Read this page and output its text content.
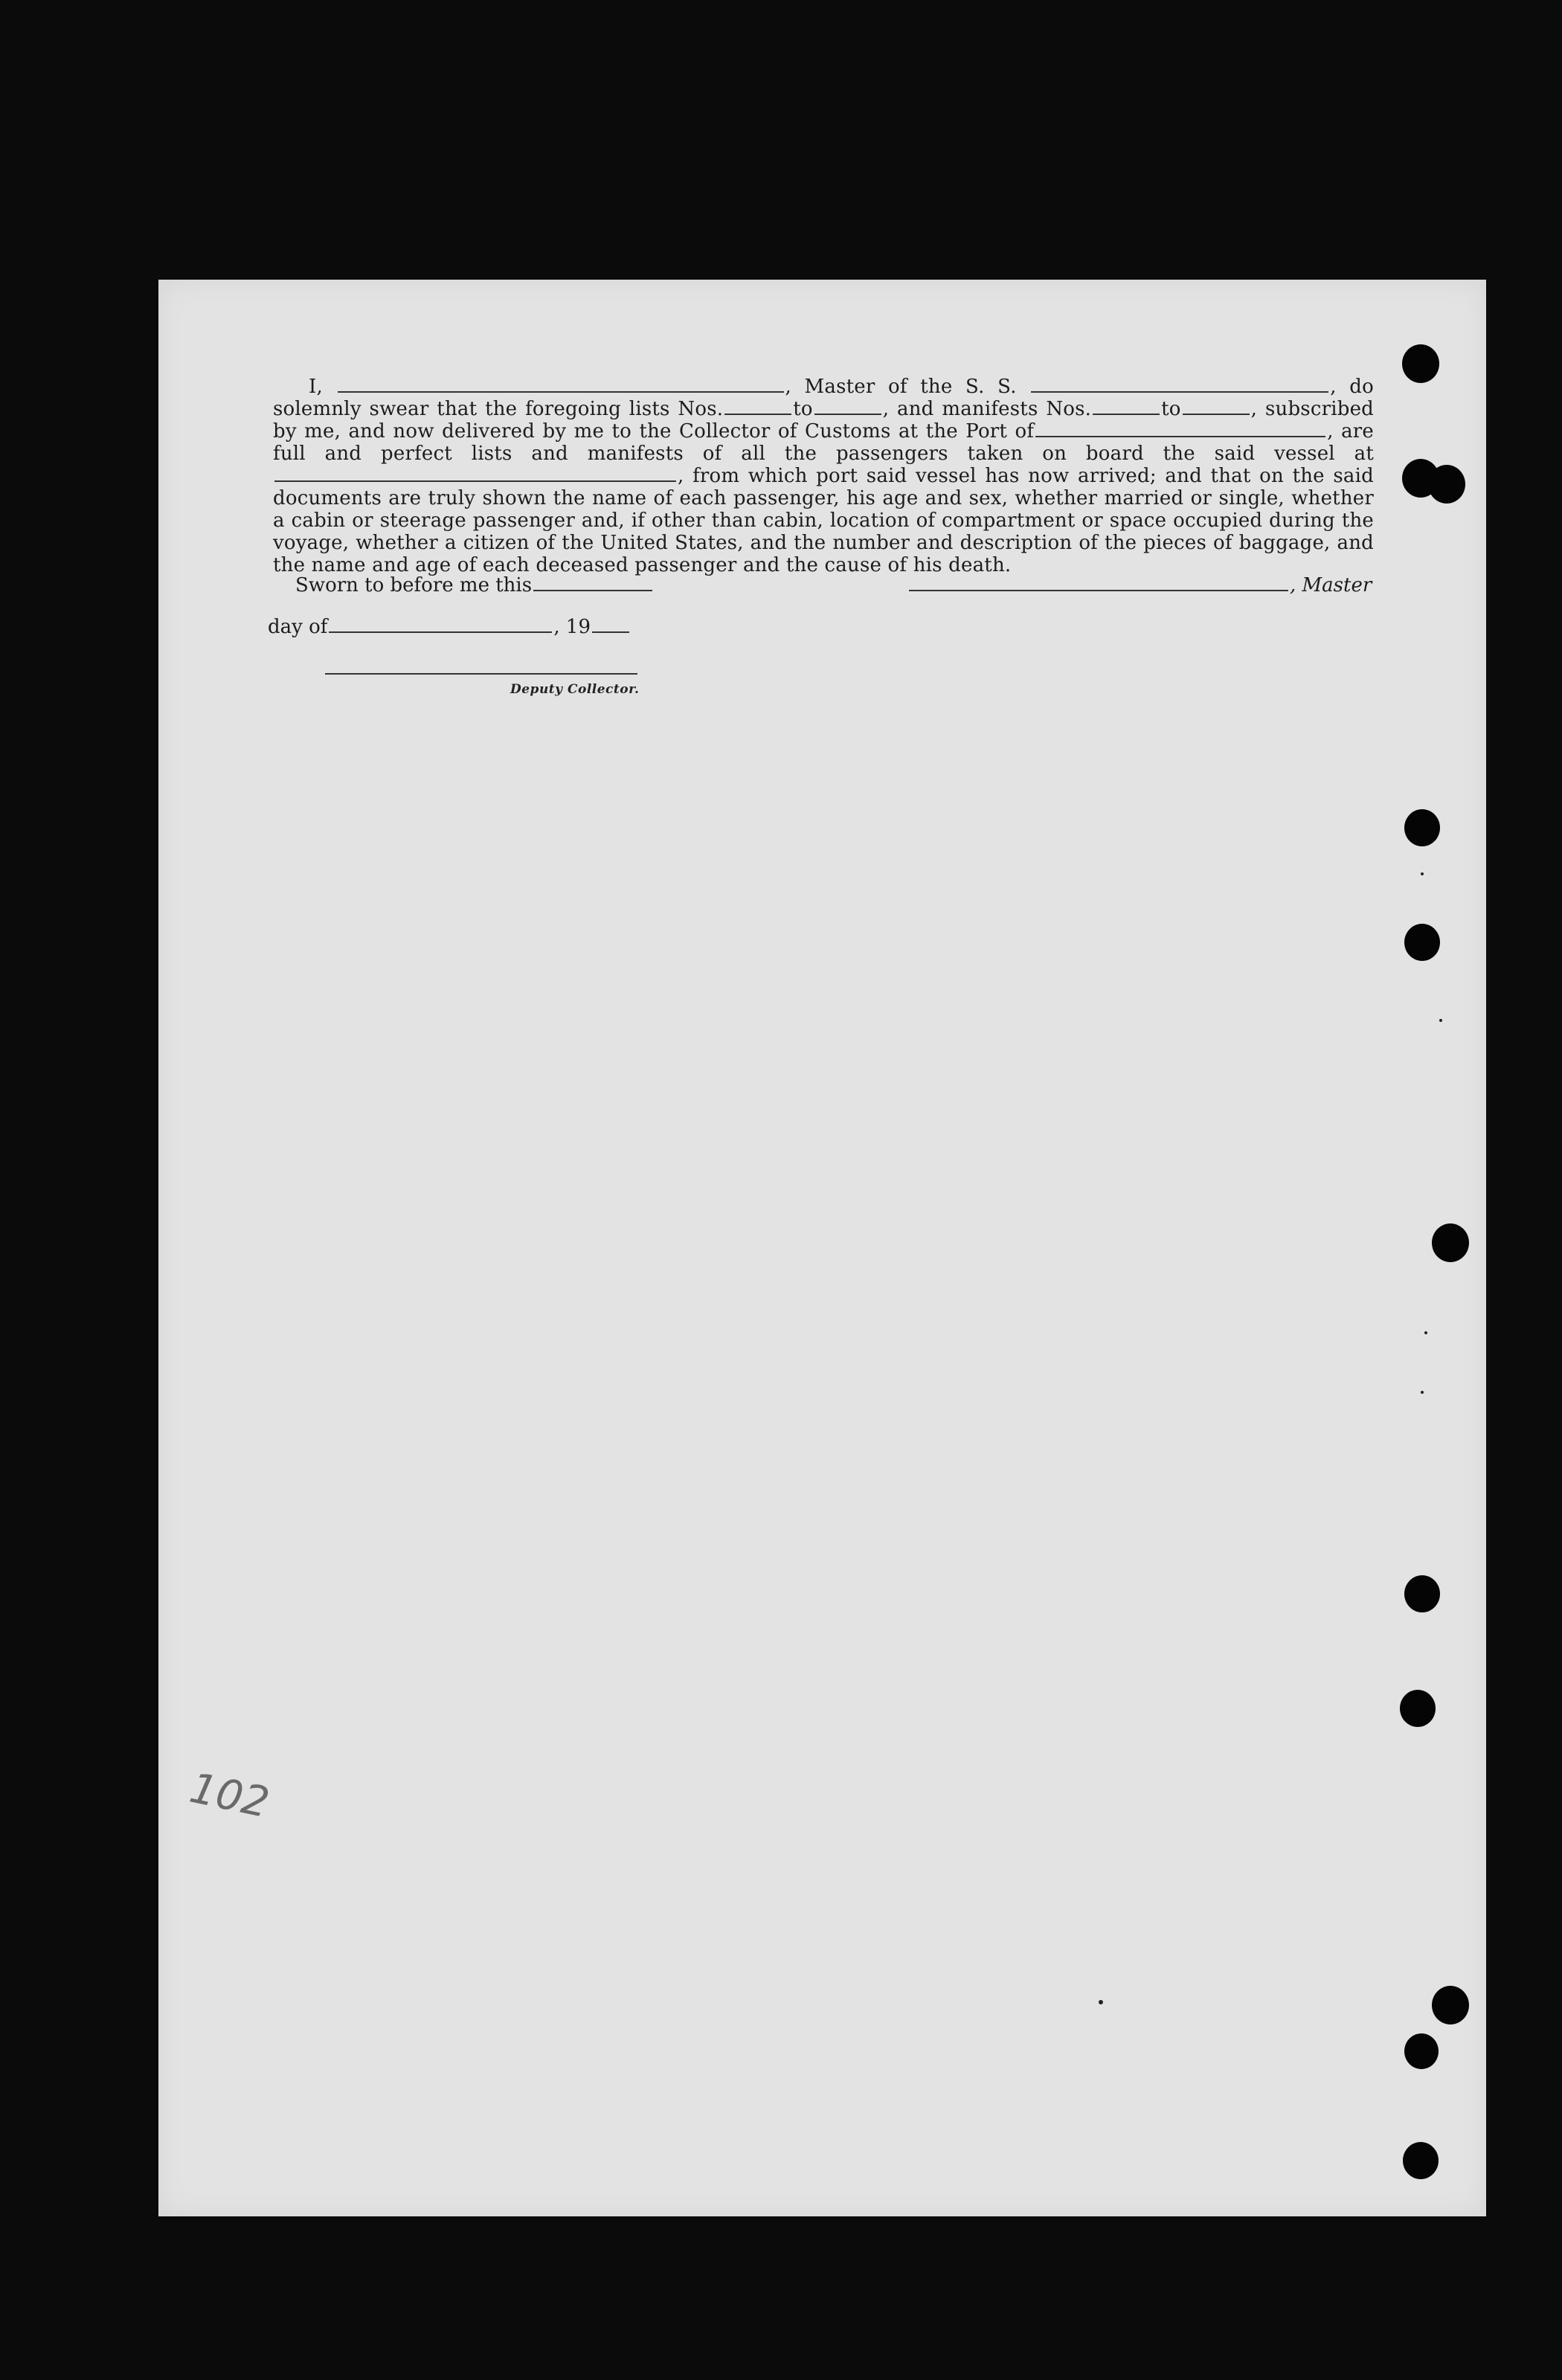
I,	, Master of the S. S.	, do solemnly swear that the foregoing lists Nos.	to	, and manifests Nos.	to	, subscribed by me, and now delivered by me to the Collector of Customs at the Port of	, are full and perfect lists and manifests of all the passengers taken on board the said vessel at, from which port said vessel has now arrived; and that on the said documents are truly shown the name of each passenger, his age and sex, whether married or single, whether a cabin or steerage passenger and, if other than cabin, location of compartment or space occupied during the voyage, whether a citizen of the United States, and the number and description of the pieces of baggage, and the name and age of each deceased passenger and the cause of his death.
Sworn to before me this	, Master
day of	, 19
Deputy Collector.
102
